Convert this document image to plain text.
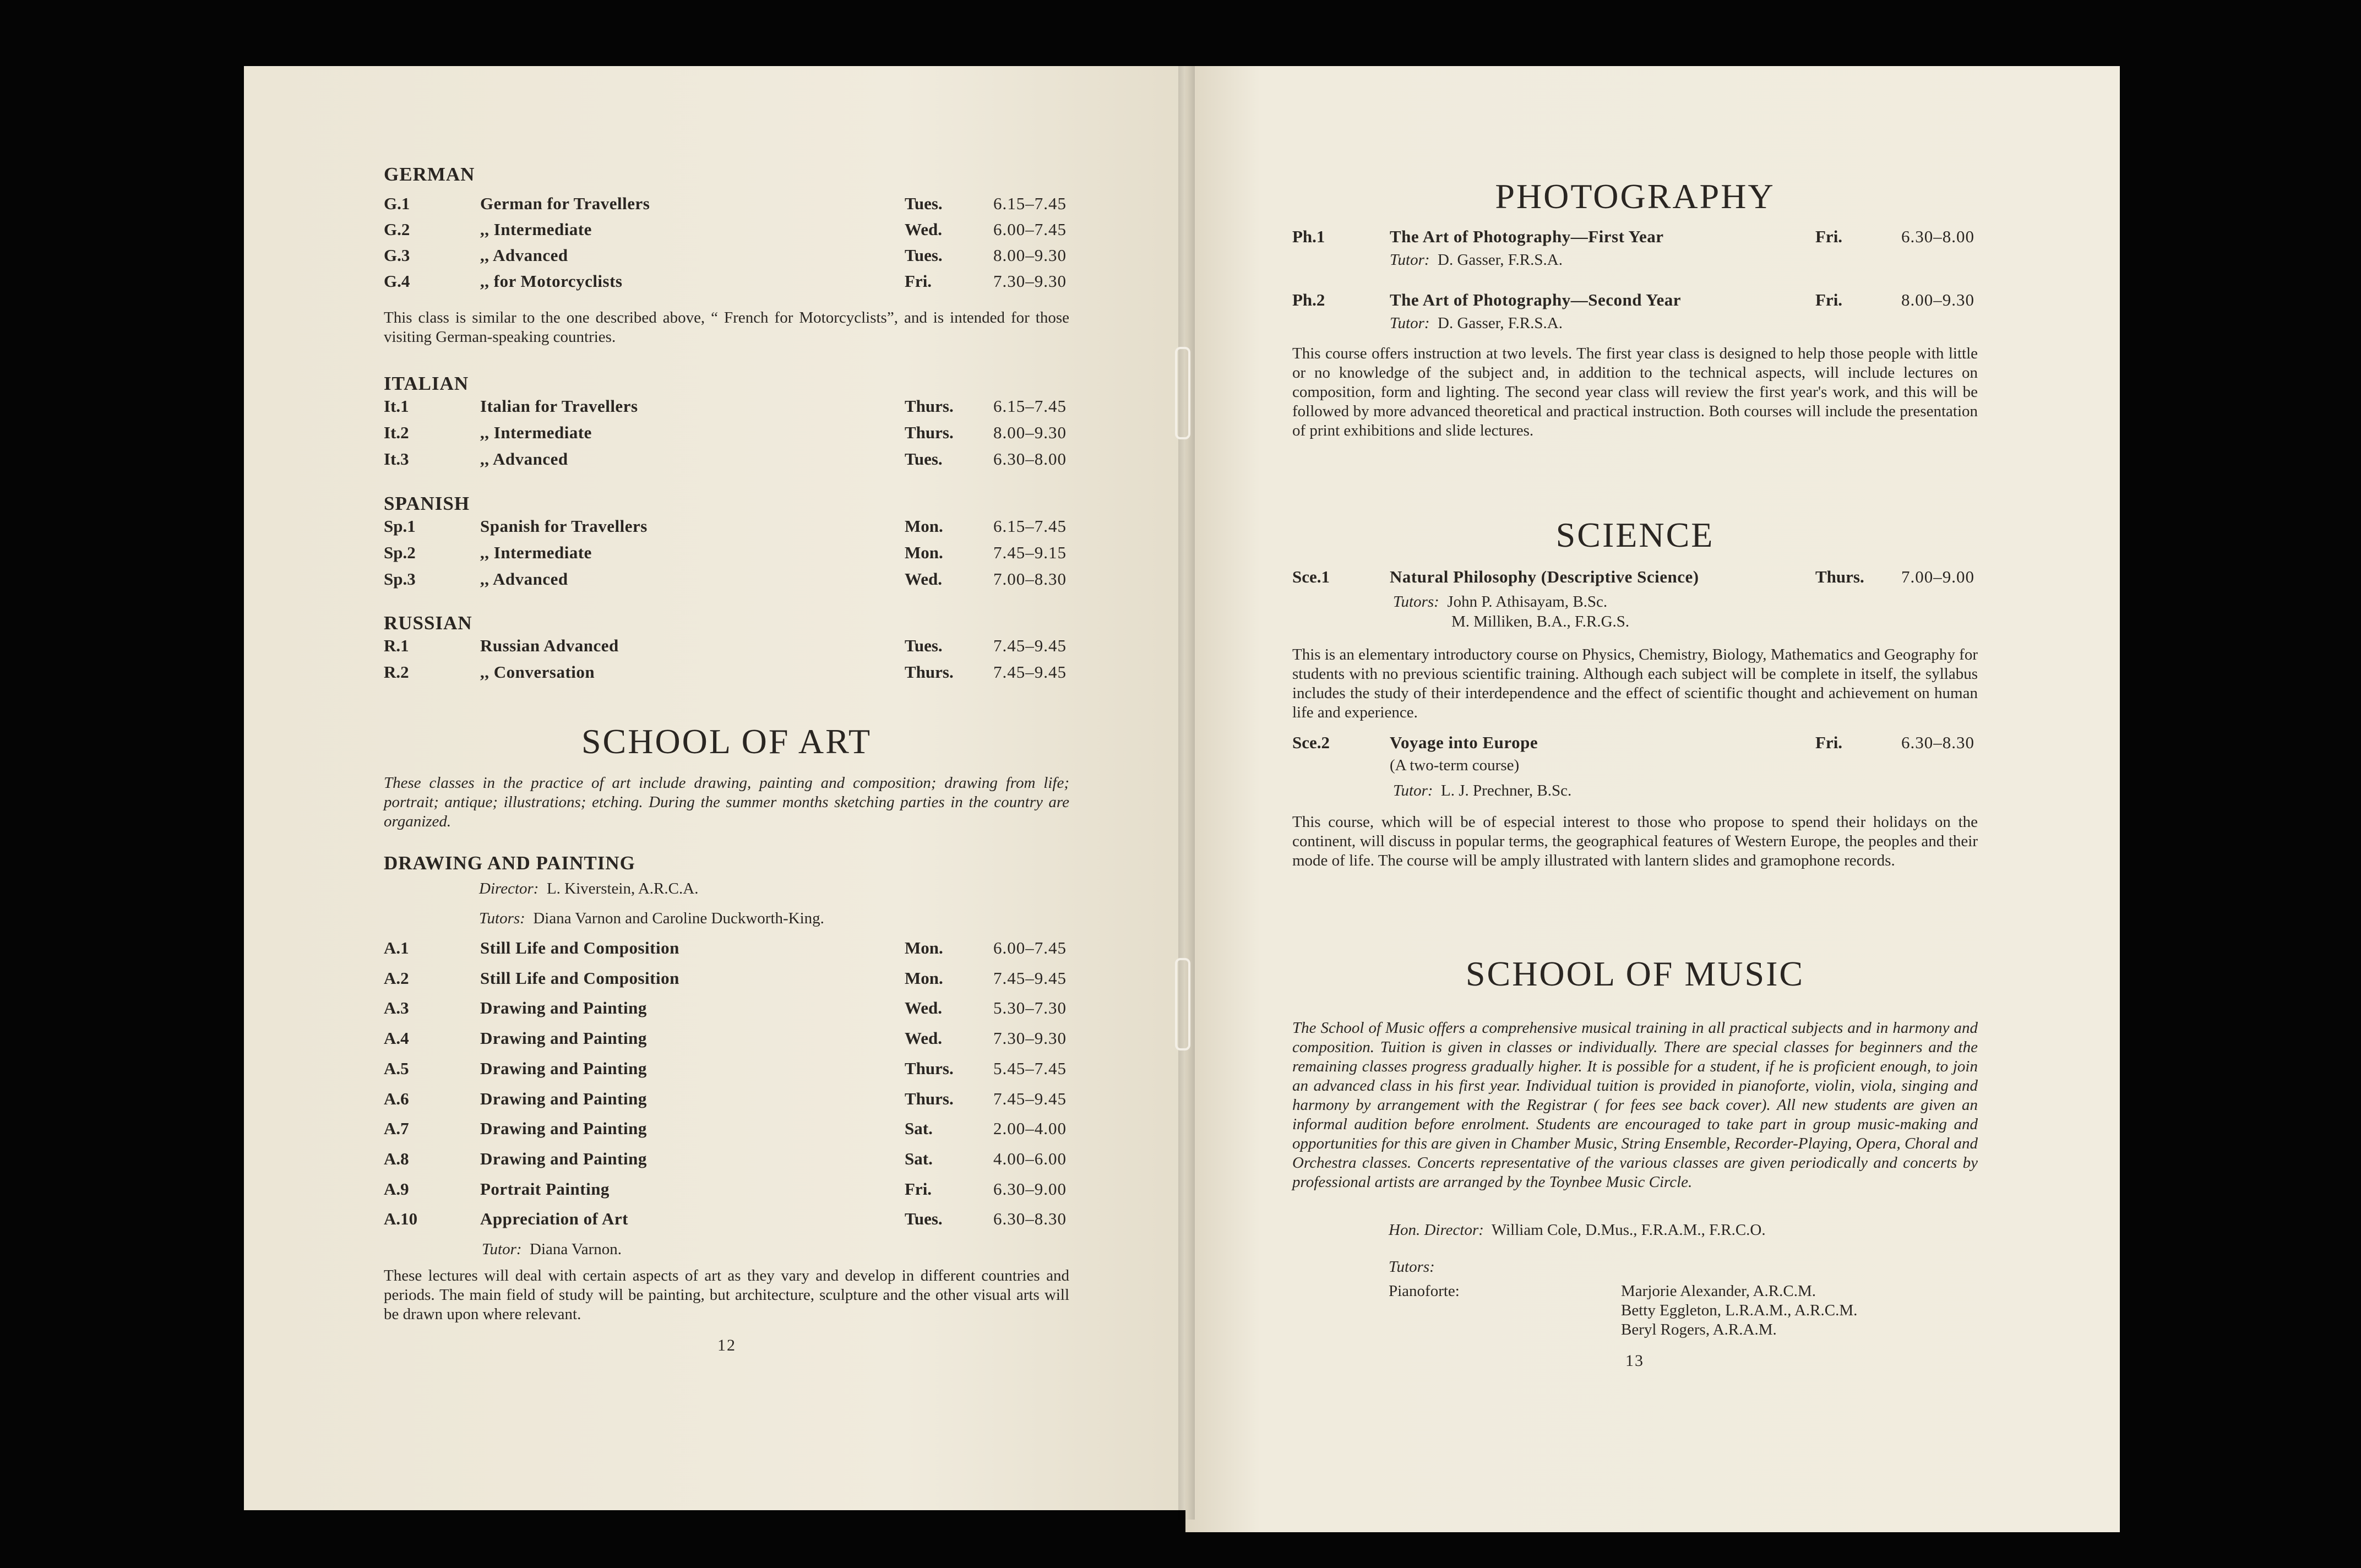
GERMAN
G.1	German for Travellers	Tues.	6.15–7.45
G.2	,, Intermediate	Wed.	6.00–7.45
G.3	,, Advanced	Tues.	8.00–9.30
G.4	,, for Motorcyclists	Fri.	7.30–9.30

This class is similar to the one described above, “ French for Motorcyclists”, and is intended for those visiting German-speaking countries.

ITALIAN
It.1	Italian for Travellers	Thurs. 6.15–7.45
It.2	,, Intermediate	Thurs. 8.00–9.30
It.3	,, Advanced	Tues.	6.30–8.00
SPANISH
Sp.1	Spanish for Travellers	Mon.	6.15–7.45
Sp.2	,, Intermediate	Mon.	7.45–9.15
Sp.3	,, Advanced	Wed.	7.00–8.30
RUSSIAN
R.1	Russian Advanced	Tues.	7.45–9.45
R.2	,, Conversation	Thurs. 7.45–9.45
SCHOOL OF ART

These classes in the practice of art include drawing, painting and composition; drawing from life; portrait; antique; illustrations; etching. During the summer months sketching parties in the country are organized.

DRAWING AND PAINTING
Director: L. Kiverstein, A.R.C.A.
Tutors: Diana Varnon and Caroline Duckworth-King.
A.1	Still Life and Composition	Mon.	6.00–7.45
A.2	Still Life and Composition	Mon.	7.45–9.45
A.3	Drawing and Painting	Wed.	5.30–7.30
A.4	Drawing and Painting	Wed.	7.30–9.30
A.5	Drawing and Painting	Thurs. 5.45–7.45
A.6	Drawing and Painting	Thurs. 7.45–9.45
A.7	Drawing and Painting	Sat.	2.00–4.00
A.8	Drawing and Painting	Sat.	4.00–6.00
A.9	Portrait Painting	Fri.	6.30–9.00
A.10	Appreciation of Art	Tues.	6.30–8.30
Tutor: Diana Varnon.

These lectures will deal with certain aspects of art as they vary and develop in different countries and periods. The main field of study will be painting, but architecture, sculpture and the other visual arts will be drawn upon where relevant.

12
PHOTOGRAPHY
Ph.1	The Art of Photography—First Year	Fri.	6.30–8.00
Tutor: D. Gasser, F.R.S.A.
Ph.2	The Art of Photography—Second Year	Fri.	8.00–9.30
Tutor: D. Gasser, F.R.S.A.

This course offers instruction at two levels. The first year class is designed to help those people with little or no knowledge of the subject and, in addition to the technical aspects, will include lectures on composition, form and lighting. The second year class will review the first year's work, and this will be followed by more advanced theoretical and practical instruction. Both courses will include the presentation of print exhibitions and slide lectures.

SCIENCE
Sce.1	Natural Philosophy (Descriptive Science)	Thurs. 7.00–9.00
Tutors: John P. Athisayam, B.Sc.
M. Milliken, B.A., F.R.G.S.

This is an elementary introductory course on Physics, Chemistry, Biology, Mathematics and Geography for students with no previous scientific training. Although each subject will be complete in itself, the syllabus includes the study of their interdependence and the effect of scientific thought and achievement on human life and experience.

Sce.2	Voyage into Europe	Fri.	6.30–8.30
(A two-term course)
Tutor: L. J. Prechner, B.Sc.

This course, which will be of especial interest to those who propose to spend their holidays on the continent, will discuss in popular terms, the geographical features of Western Europe, the peoples and their mode of life. The course will be amply illustrated with lantern slides and gramophone records.

SCHOOL OF MUSIC

The School of Music offers a comprehensive musical training in all practical subjects and in harmony and composition. Tuition is given in classes or individually. There are special classes for beginners and the remaining classes progress gradually higher. It is possible for a student, if he is proficient enough, to join an advanced class in his first year. Individual tuition is provided in pianoforte, violin, viola, singing and harmony by arrangement with the Registrar ( for fees see back cover). All new students are given an informal audition before enrolment. Students are encouraged to take part in group music-making and opportunities for this are given in Chamber Music, String Ensemble, Recorder-Playing, Opera, Choral and Orchestra classes. Concerts representative of the various classes are given periodically and concerts by professional artists are arranged by the Toynbee Music Circle.

Hon. Director: William Cole, D.Mus., F.R.A.M., F.R.C.O.
Tutors:
Pianoforte:	Marjorie Alexander, A.R.C.M.
Betty Eggleton, L.R.A.M., A.R.C.M.
Beryl Rogers, A.R.A.M.
13
